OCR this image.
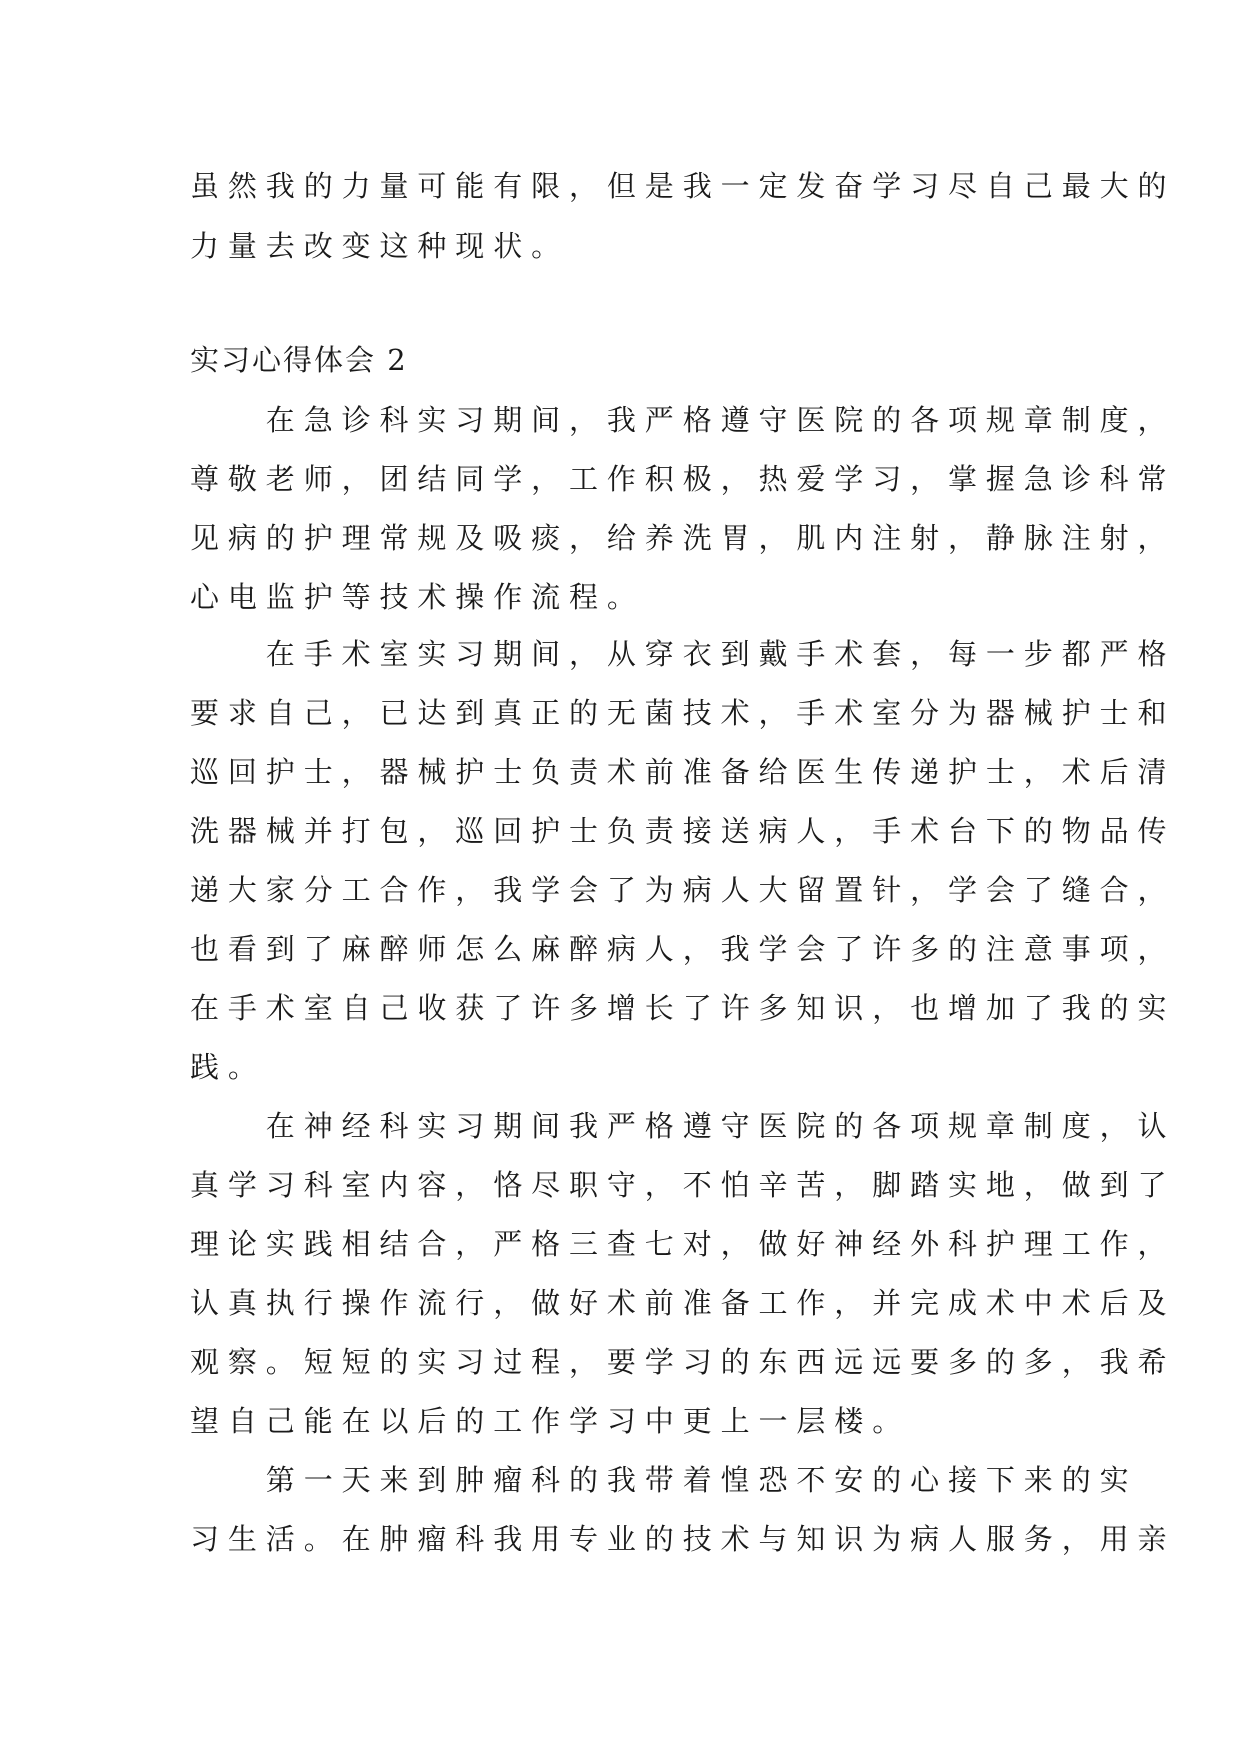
虽然我的力量可能有限，但是我一定发奋学习尽自己最大的
力量去改变这种现状。
实习心得体会 2
　　在急诊科实习期间，我严格遵守医院的各项规章制度，
尊敬老师，团结同学，工作积极，热爱学习，掌握急诊科常
见病的护理常规及吸痰，给养洗胃，肌内注射，静脉注射，
心电监护等技术操作流程。
　　在手术室实习期间，从穿衣到戴手术套，每一步都严格
要求自己，已达到真正的无菌技术，手术室分为器械护士和
巡回护士，器械护士负责术前准备给医生传递护士，术后清
洗器械并打包，巡回护士负责接送病人，手术台下的物品传
递大家分工合作，我学会了为病人大留置针，学会了缝合，
也看到了麻醉师怎么麻醉病人，我学会了许多的注意事项，
在手术室自己收获了许多增长了许多知识，也增加了我的实
践。
　　在神经科实习期间我严格遵守医院的各项规章制度，认
真学习科室内容，恪尽职守，不怕辛苦，脚踏实地，做到了
理论实践相结合，严格三查七对，做好神经外科护理工作，
认真执行操作流行，做好术前准备工作，并完成术中术后及
观察。短短的实习过程，要学习的东西远远要多的多，我希
望自己能在以后的工作学习中更上一层楼。
　　第一天来到肿瘤科的我带着惶恐不安的心接下来的实
习生活。在肿瘤科我用专业的技术与知识为病人服务，用亲
